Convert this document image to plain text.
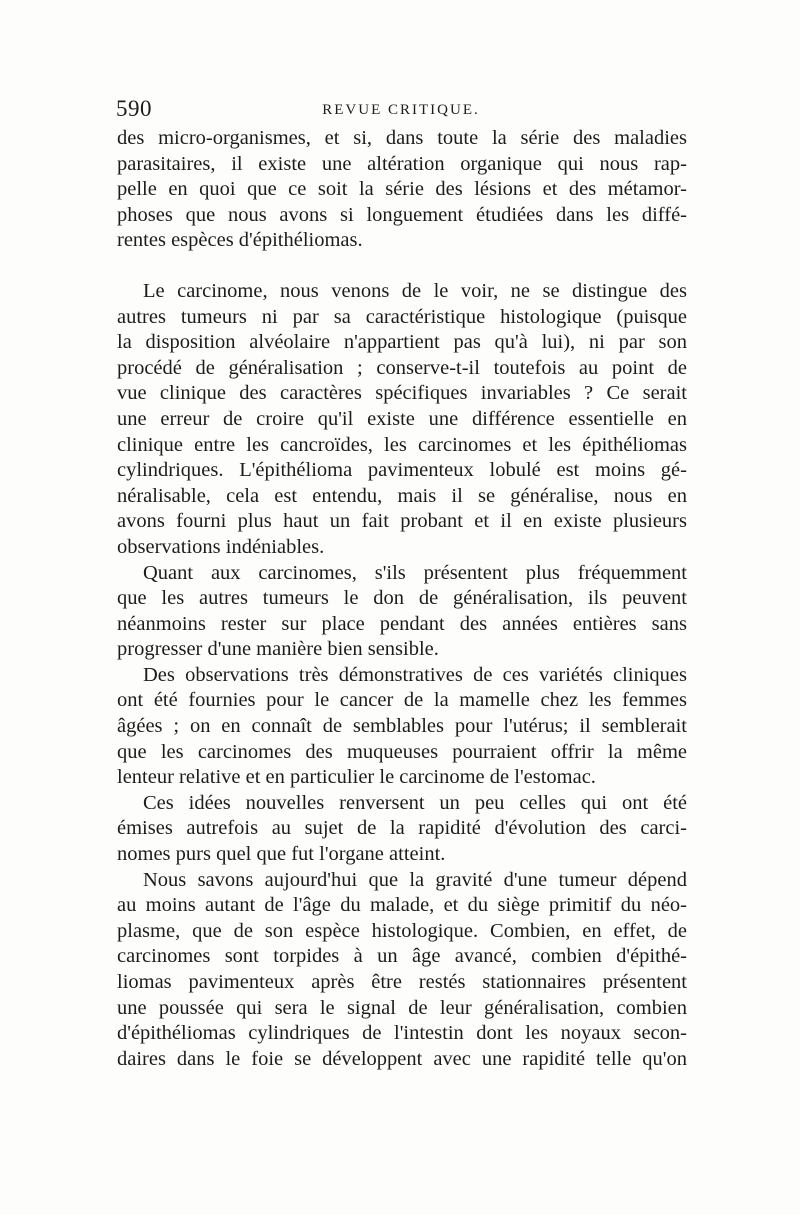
590	REVUE CRITIQUE.
des micro-organismes, et si, dans toute la série des maladies
parasitaires, il existe une altération organique qui nous rap-
pelle en quoi que ce soit la série des lésions et des métamor-
phoses que nous avons si longuement étudiées dans les diffé-
rentes espèces d'épithéliomas.
Le carcinome, nous venons de le voir, ne se distingue des
autres tumeurs ni par sa caractéristique histologique (puisque
la disposition alvéolaire n'appartient pas qu'à lui), ni par son
procédé de généralisation ; conserve-t-il toutefois au point de
vue clinique des caractères spécifiques invariables ? Ce serait
une erreur de croire qu'il existe une différence essentielle en
clinique entre les cancroïdes, les carcinomes et les épithéliomas
cylindriques. L'épithélioma pavimenteux lobulé est moins gé-
néralisable, cela est entendu, mais il se généralise, nous en
avons fourni plus haut un fait probant et il en existe plusieurs
observations indéniables.
Quant aux carcinomes, s'ils présentent plus fréquemment
que les autres tumeurs le don de généralisation, ils peuvent
néanmoins rester sur place pendant des années entières sans
progresser d'une manière bien sensible.
Des observations très démonstratives de ces variétés cliniques
ont été fournies pour le cancer de la mamelle chez les femmes
âgées ; on en connaît de semblables pour l'utérus; il semblerait
que les carcinomes des muqueuses pourraient offrir la même
lenteur relative et en particulier le carcinome de l'estomac.
Ces idées nouvelles renversent un peu celles qui ont été
émises autrefois au sujet de la rapidité d'évolution des carci-
nomes purs quel que fut l'organe atteint.
Nous savons aujourd'hui que la gravité d'une tumeur dépend
au moins autant de l'âge du malade, et du siège primitif du néo-
plasme, que de son espèce histologique. Combien, en effet, de
carcinomes sont torpides à un âge avancé, combien d'épithé-
liomas pavimenteux après être restés stationnaires présentent
une poussée qui sera le signal de leur généralisation, combien
d'épithéliomas cylindriques de l'intestin dont les noyaux secon-
daires dans le foie se développent avec une rapidité telle qu'on
